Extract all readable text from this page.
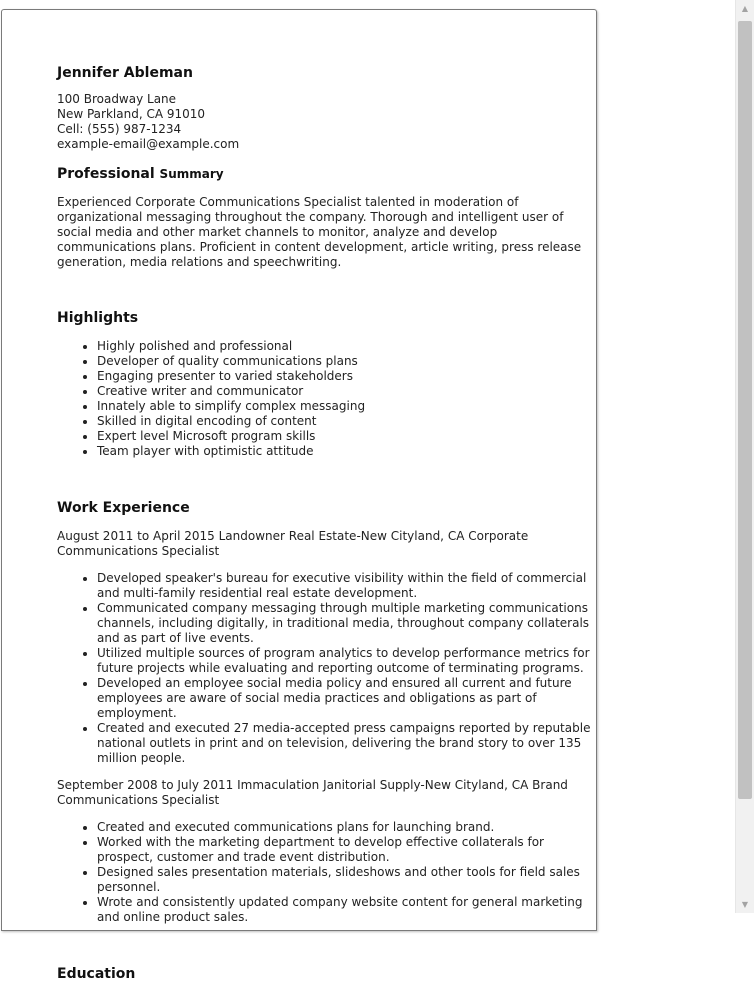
Jennifer Ableman
100 Broadway Lane
New Parkland, CA 91010
Cell: (555) 987-1234
example-email@example.com
Professional Summary

Experienced Corporate Communications Specialist talented in moderation of organizational messaging throughout the company. Thorough and intelligent user of social media and other market channels to monitor, analyze and develop communications plans. Proficient in content development, article writing, press release generation, media relations and speechwriting.

Highlights
• Highly polished and professional
• Developer of quality communications plans
• Engaging presenter to varied stakeholders
• Creative writer and communicator
• Innately able to simplify complex messaging
• Skilled in digital encoding of content
• Expert level Microsoft program skills
• Team player with optimistic attitude
Work Experience

August 2011 to April 2015 Landowner Real Estate-New Cityland, CA Corporate Communications Specialist

• Developed speaker's bureau for executive visibility within the field of commercial and multi-family residential real estate development.
• Communicated company messaging through multiple marketing communications channels, including digitally, in traditional media, throughout company collaterals and as part of live events.
• Utilized multiple sources of program analytics to develop performance metrics for future projects while evaluating and reporting outcome of terminating programs.
• Developed an employee social media policy and ensured all current and future employees are aware of social media practices and obligations as part of employment.
• Created and executed 27 media-accepted press campaigns reported by reputable national outlets in print and on television, delivering the brand story to over 135 million people.

September 2008 to July 2011 Immaculation Janitorial Supply-New Cityland, CA Brand Communications Specialist

• Created and executed communications plans for launching brand.
• Worked with the marketing department to develop effective collaterals for prospect, customer and trade event distribution.
• Designed sales presentation materials, slideshows and other tools for field sales personnel.
• Wrote and consistently updated company website content for general marketing and online product sales.
Education
▲
▼
